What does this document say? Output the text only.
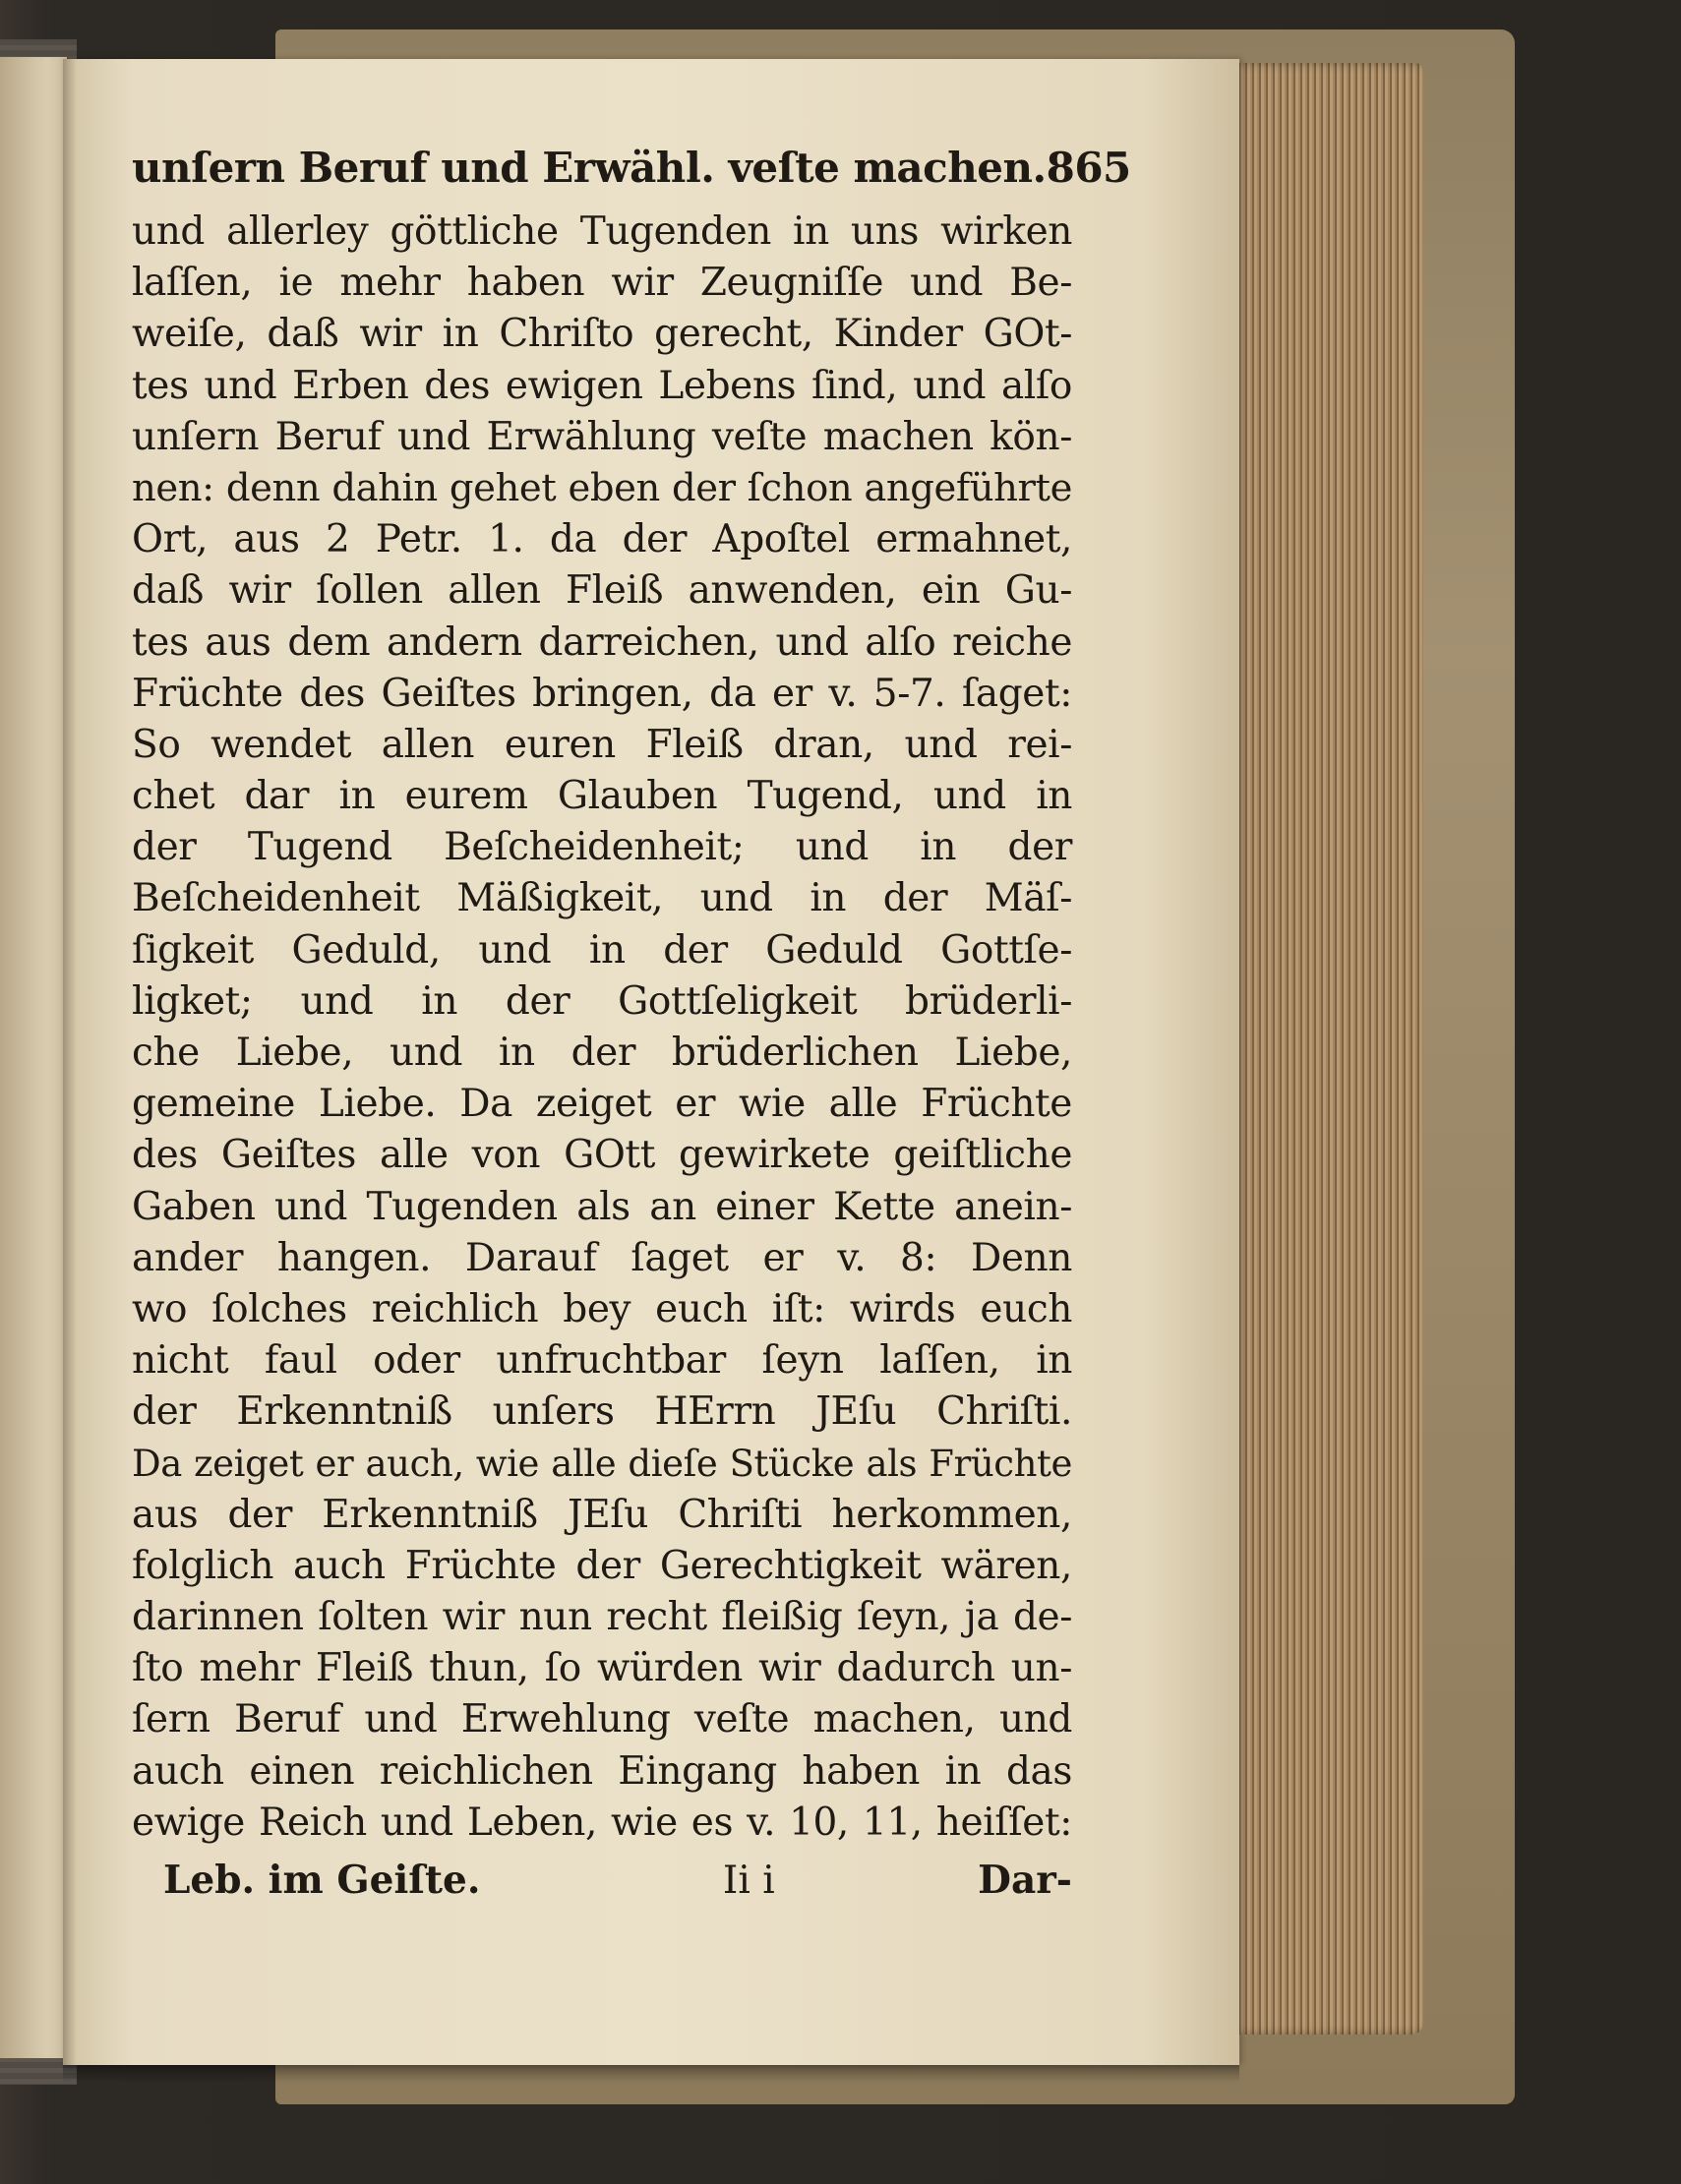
unſern Beruf und Erwähl. veſte machen. 865
und allerley göttliche Tugenden in uns wirken
laſſen, ie mehr haben wir Zeugniſſe und Be-
weiſe, daß wir in Chriſto gerecht, Kinder GOt-
tes und Erben des ewigen Lebens ſind, und alſo
unſern Beruf und Erwählung veſte machen kön-
nen: denn dahin gehet eben der ſchon angeführte
Ort, aus 2 Petr. 1. da der Apoſtel ermahnet,
daß wir ſollen allen Fleiß anwenden, ein Gu-
tes aus dem andern darreichen, und alſo reiche
Früchte des Geiſtes bringen, da er v. 5-7. ſaget:
So wendet allen euren Fleiß dran, und rei-
chet dar in eurem Glauben Tugend, und in
der Tugend Beſcheidenheit; und in der
Beſcheidenheit Mäßigkeit, und in der Mäſ-
ſigkeit Geduld, und in der Geduld Gottſe-
ligket; und in der Gottſeligkeit brüderli-
che Liebe, und in der brüderlichen Liebe,
gemeine Liebe. Da zeiget er wie alle Früchte
des Geiſtes alle von GOtt gewirkete geiſtliche
Gaben und Tugenden als an einer Kette anein-
ander hangen. Darauf ſaget er v. 8: Denn
wo ſolches reichlich bey euch iſt: wirds euch
nicht faul oder unfruchtbar ſeyn laſſen, in
der Erkenntniß unſers HErrn JEſu Chriſti.
Da zeiget er auch, wie alle dieſe Stücke als Früchte
aus der Erkenntniß JEſu Chriſti herkommen,
folglich auch Früchte der Gerechtigkeit wären,
darinnen ſolten wir nun recht fleißig ſeyn, ja de-
ſto mehr Fleiß thun, ſo würden wir dadurch un-
ſern Beruf und Erwehlung veſte machen, und
auch einen reichlichen Eingang haben in das
ewige Reich und Leben, wie es v. 10, 11, heiſſet:
Leb. im Geiſte.	Ii i	Dar-
